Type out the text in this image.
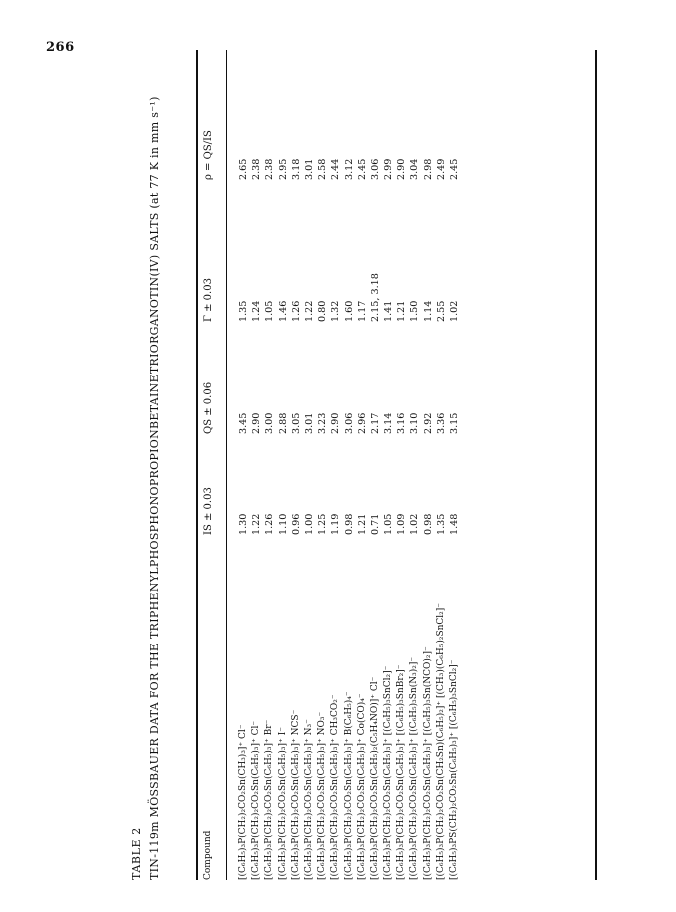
266
TABLE 2 TIN-119m MÖSSBAUER DATA FOR THE TRIPHENYLPHOSPHONOPROPIONBETAINETRIORGANOTIN(IV) SALTS (at 77 K in mm s⁻¹)	Compound
IS ± 0.03
QS ± 0.06
Γ ± 0.03
ρ = QS/IS
[(C₆H₅)₃P(CH₂)₂CO₂Sn(CH₃)₃]⁺ Cl⁻
1.30
3.45
1.35
2.65
[(C₆H₅)₃P(CH₂)₂CO₂Sn(C₆H₅)₃]⁺ Cl⁻
1.22
2.90
1.24
2.38
[(C₆H₅)₃P(CH₂)₂CO₂Sn(C₆H₅)₃]⁺ Br⁻
1.26
3.00
1.05
2.38
[(C₆H₅)₃P(CH₂)₂CO₂Sn(C₆H₅)₃]⁺ I⁻
1.10
2.88
1.46
2.95
[(C₆H₅)₃P(CH₂)₂CO₂Sn(C₆H₅)₃]⁺ NCS⁻
0.96
3.05
1.26
3.18
[(C₆H₅)₃P(CH₂)₂CO₂Sn(C₆H₅)₃]⁺ N₃⁻
1.00
3.01
1.22
3.01
[(C₆H₅)₃P(CH₂)₂CO₂Sn(C₆H₅)₃]⁺ NO₃⁻
1.25
3.23
0.80
2.58
[(C₆H₅)₃P(CH₂)₂CO₂Sn(C₆H₅)₃]⁺ CH₃CO₂⁻
1.19
2.90
1.32
2.44
[(C₆H₅)₃P(CH₂)₂CO₂Sn(C₆H₅)₃]⁺ B(C₆H₅)₄⁻
0.98
3.06
1.60
3.12
[(C₆H₅)₃P(CH₂)₂CO₂Sn(C₆H₅)₃]⁺ Co(CO)₄⁻
1.21
2.96
1.17
2.45
[(C₆H₅)₃P(CH₂)₂CO₂Sn(C₆H₅)₂(C₅H₄NO)]⁺ Cl⁻
0.71
2.17
2.15, 3.18
3.06
[(C₆H₅)₃P(CH₂)₂CO₂Sn(C₆H₅)₃]⁺ [(C₆H₅)₃SnCl₂]⁻
1.05
3.14
1.41
2.99
[(C₆H₅)₃P(CH₂)₂CO₂Sn(C₆H₅)₃]⁺ [(C₆H₅)₃SnBr₂]⁻
1.09
3.16
1.21
2.90
[(C₆H₅)₃P(CH₂)₂CO₂Sn(C₆H₅)₃]⁺ [(C₆H₅)₃Sn(N₃)₂]⁻
1.02
3.10
1.50
3.04
[(C₆H₅)₃P(CH₂)₂CO₂Sn(C₆H₅)₃]⁺ [(C₆H₅)₃Sn(NCO)₂]⁻
0.98
2.92
1.14
2.98
[(C₆H₅)₃P(CH₂)₂CO₂Sn(CH₂Sn)(C₆H₅)₂]⁺ [(CH₃)(C₆H₅)₂SnCl₂]⁻
1.35
3.36
2.55
2.49
[(C₆H₅)₃PS(CH₂)₂CO₂Sn(C₆H₅)₃]⁺ [(C₆H₅)₃SnCl₂]⁻
1.48
3.15
1.02
2.45
